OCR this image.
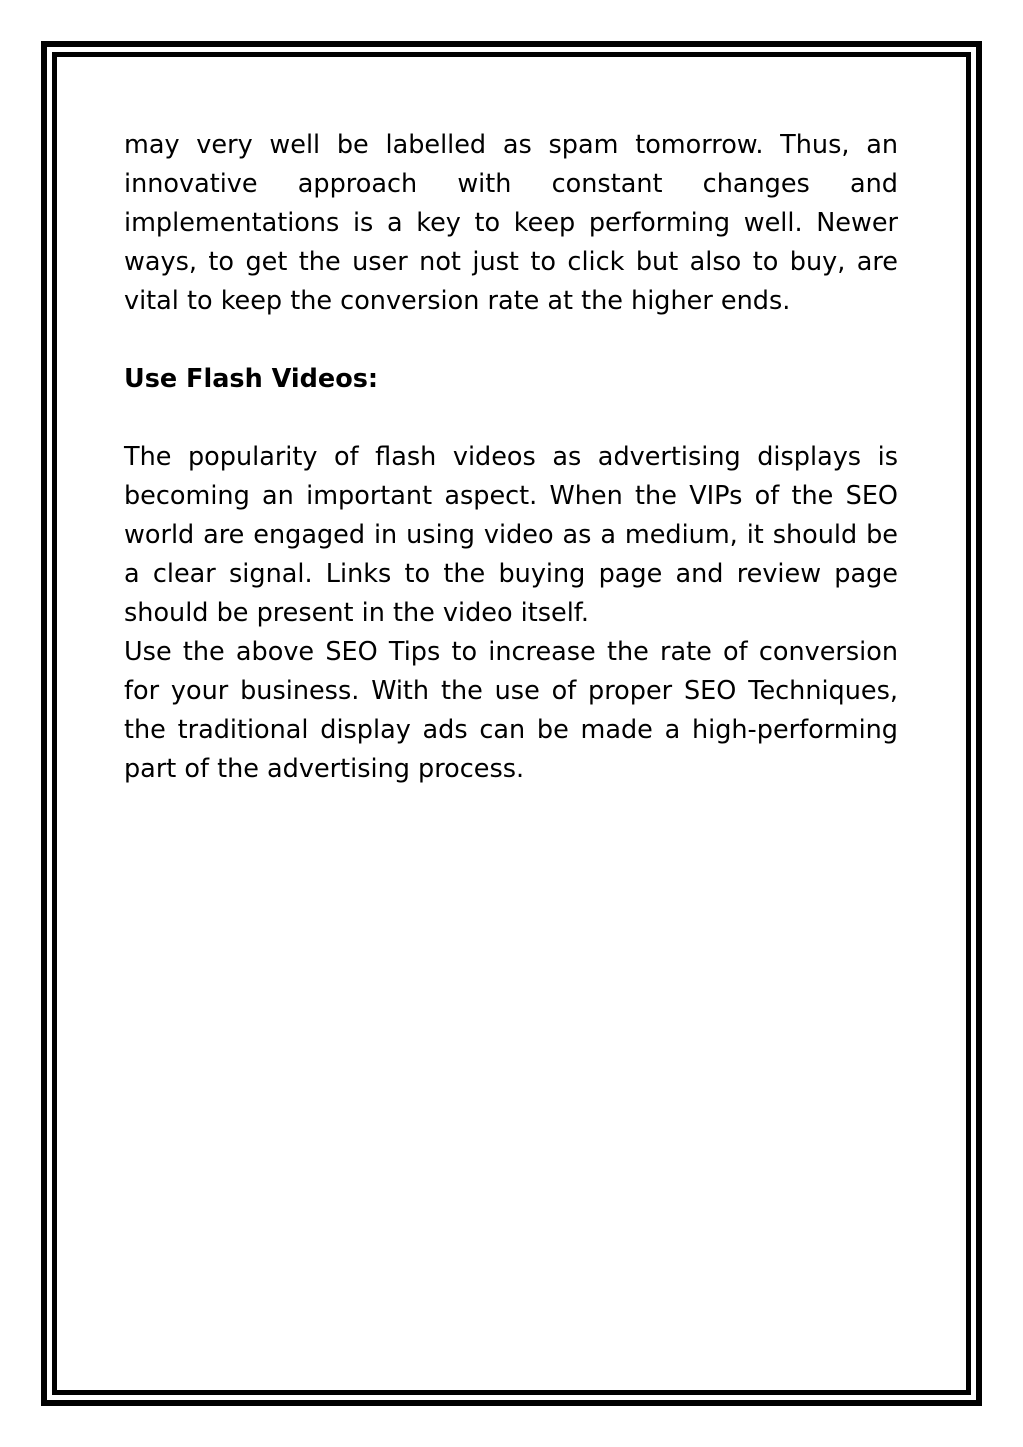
may very well be labelled as spam tomorrow. Thus, an innovative approach with constant changes and implementations is a key to keep performing well. Newer ways, to get the user not just to click but also to buy, are vital to keep the conversion rate at the higher ends.

Use Flash Videos:

The popularity of flash videos as advertising displays is becoming an important aspect. When the VIPs of the SEO world are engaged in using video as a medium, it should be a clear signal. Links to the buying page and review page should be present in the video itself.

Use the above SEO Tips to increase the rate of conversion for your business. With the use of proper SEO Techniques, the traditional display ads can be made a high-performing part of the advertising process.
